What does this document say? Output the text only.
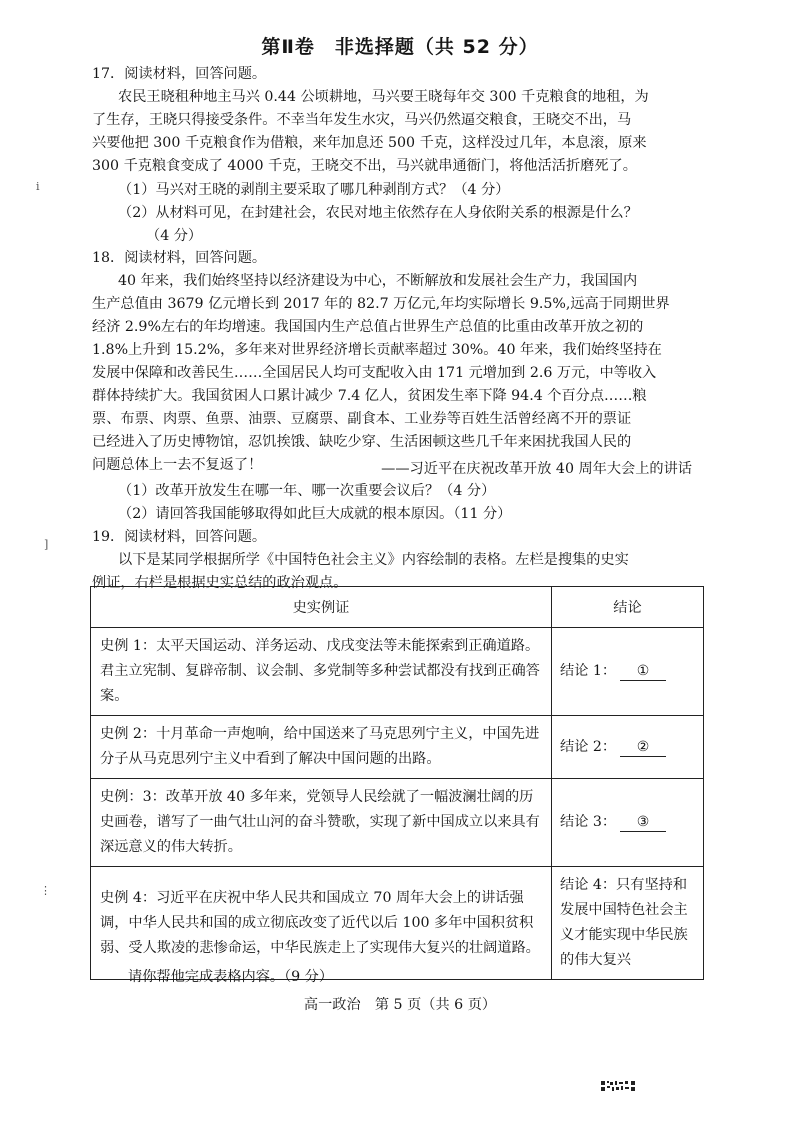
第Ⅱ卷　非选择题（共 52 分）
17．阅读材料，回答问题。
农民王晓租种地主马兴 0.44 公顷耕地，马兴要王晓每年交 300 千克粮食的地租，为
了生存，王晓只得接受条件。不幸当年发生水灾，马兴仍然逼交粮食，王晓交不出，马
兴要他把 300 千克粮食作为借粮，来年加息还 500 千克，这样没过几年，本息滚，原来
300 千克粮食变成了 4000 千克，王晓交不出，马兴就串通衙门，将他活活折磨死了。
（1）马兴对王晓的剥削主要采取了哪几种剥削方式？（4 分）
（2）从材料可见，在封建社会，农民对地主依然存在人身依附关系的根源是什么？
（4 分）
18．阅读材料，回答问题。
40 年来，我们始终坚持以经济建设为中心，不断解放和发展社会生产力，我国国内
生产总值由 3679 亿元增长到 2017 年的 82.7 万亿元,年均实际增长 9.5%,远高于同期世界
经济 2.9%左右的年均增速。我国国内生产总值占世界生产总值的比重由改革开放之初的
1.8%上升到 15.2%，多年来对世界经济增长贡献率超过 30%。40 年来，我们始终坚持在
发展中保障和改善民生……全国居民人均可支配收入由 171 元增加到 2.6 万元，中等收入
群体持续扩大。我国贫困人口累计减少 7.4 亿人，贫困发生率下降 94.4 个百分点……粮
票、布票、肉票、鱼票、油票、豆腐票、副食本、工业券等百姓生活曾经离不开的票证
已经进入了历史博物馆，忍饥挨饿、缺吃少穿、生活困顿这些几千年来困扰我国人民的
问题总体上一去不复返了！	——习近平在庆祝改革开放 40 周年大会上的讲话
（1）改革开放发生在哪一年、哪一次重要会议后？（4 分）
（2）请回答我国能够取得如此巨大成就的根本原因。（11 分）
19．阅读材料，回答问题。
以下是某同学根据所学《中国特色社会主义》内容绘制的表格。左栏是搜集的史实
例证，右栏是根据史实总结的政治观点。
史实例证	结论
史例 1：太平天国运动、洋务运动、戊戌变法等未能探索到正确道路。君主立宪制、复辟帝制、议会制、多党制等多种尝试都没有找到正确答案。	结论 1： ①
史例 2：十月革命一声炮响，给中国送来了马克思列宁主义，中国先进分子从马克思列宁主义中看到了解决中国问题的出路。	结论 2： ②
史例：3：改革开放 40 多年来，党领导人民绘就了一幅波澜壮阔的历史画卷，谱写了一曲气壮山河的奋斗赞歌，实现了新中国成立以来具有深远意义的伟大转折。	结论 3： ③
史例 4：习近平在庆祝中华人民共和国成立 70 周年大会上的讲话强调，中华人民共和国的成立彻底改变了近代以后 100 多年中国积贫积弱、受人欺凌的悲惨命运，中华民族走上了实现伟大复兴的壮阔道路。	结论 4：只有坚持和发展中国特色社会主义才能实现中华民族的伟大复兴
请你帮他完成表格内容。（9 分）
高一政治　第 5 页（共 6 页）
i
]
⋮
